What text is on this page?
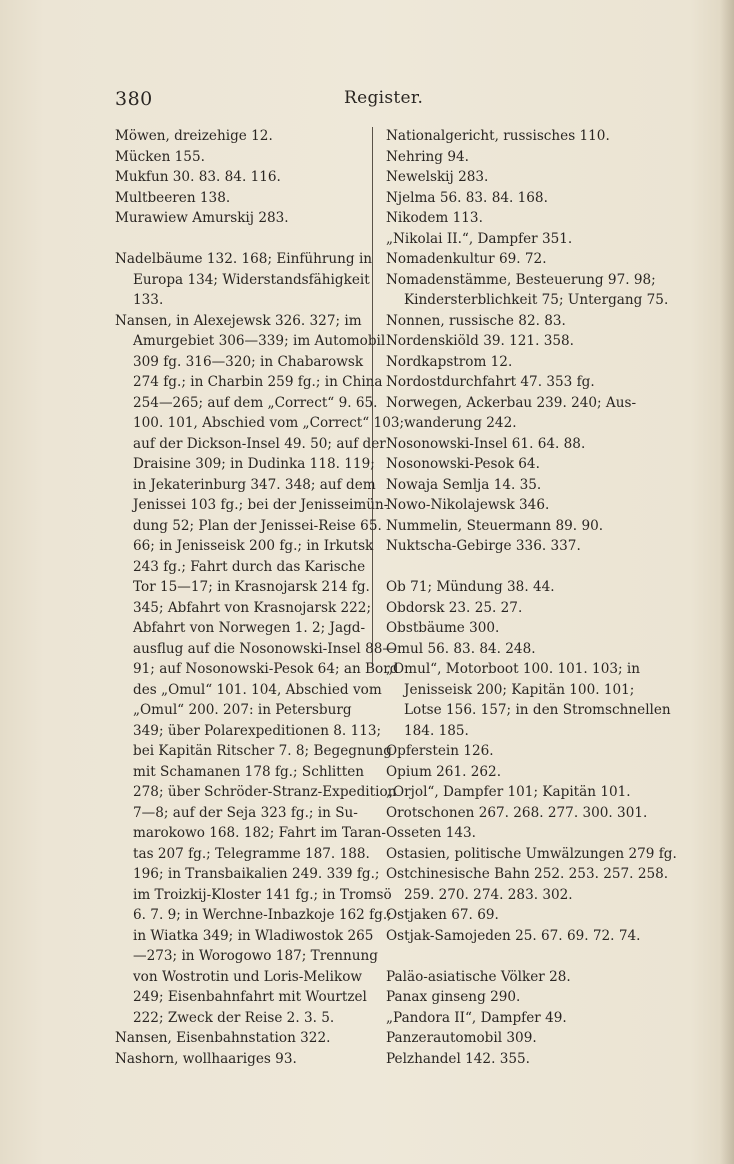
380	Register.
Möwen, dreizehige 12.
Mücken 155.
Mukfun 30. 83. 84. 116.
Multbeeren 138.
Murawiew Amurskij 283.
Nadelbäume 132. 168; Einführung in
Europa 134; Widerstandsfähigkeit
133.
Nansen, in Alexejewsk 326. 327; im
Amurgebiet 306—339; im Automobil
309 fg. 316—320; in Chabarowsk
274 fg.; in Charbin 259 fg.; in China
254—265; auf dem „Correct“ 9. 65.
100. 101, Abschied vom „Correct“ 103;
auf der Dickson-Insel 49. 50; auf der
Draisine 309; in Dudinka 118. 119;
in Jekaterinburg 347. 348; auf dem
Jenissei 103 fg.; bei der Jenisseimün-
dung 52; Plan der Jenissei-Reise 65.
66; in Jenisseisk 200 fg.; in Irkutsk
243 fg.; Fahrt durch das Karische
Tor 15—17; in Krasnojarsk 214 fg.
345; Abfahrt von Krasnojarsk 222;
Abfahrt von Norwegen 1. 2; Jagd-
ausflug auf die Nosonowski-Insel 88—
91; auf Nosonowski-Pesok 64; an Bord
des „Omul“ 101. 104, Abschied vom
„Omul“ 200. 207: in Petersburg
349; über Polarexpeditionen 8. 113;
bei Kapitän Ritscher 7. 8; Begegnung
mit Schamanen 178 fg.; Schlitten
278; über Schröder-Stranz-Expedition
7—8; auf der Seja 323 fg.; in Su-
marokowo 168. 182; Fahrt im Taran-
tas 207 fg.; Telegramme 187. 188.
196; in Transbaikalien 249. 339 fg.;
im Troizkij-Kloster 141 fg.; in Tromsö
6. 7. 9; in Werchne-Inbazkoje 162 fg.;
in Wiatka 349; in Wladiwostok 265
—273; in Worogowo 187; Trennung
von Wostrotin und Loris-Melikow
249; Eisenbahnfahrt mit Wourtzel
222; Zweck der Reise 2. 3. 5.
Nansen, Eisenbahnstation 322.
Nashorn, wollhaariges 93.
Nationalgericht, russisches 110.
Nehring 94.
Newelskij 283.
Njelma 56. 83. 84. 168.
Nikodem 113.
„Nikolai II.“, Dampfer 351.
Nomadenkultur 69. 72.
Nomadenstämme, Besteuerung 97. 98;
Kindersterblichkeit 75; Untergang 75.
Nonnen, russische 82. 83.
Nordenskiöld 39. 121. 358.
Nordkapstrom 12.
Nordostdurchfahrt 47. 353 fg.
Norwegen, Ackerbau 239. 240; Aus-
wanderung 242.
Nosonowski-Insel 61. 64. 88.
Nosonowski-Pesok 64.
Nowaja Semlja 14. 35.
Nowo-Nikolajewsk 346.
Nummelin, Steuermann 89. 90.
Nuktscha-Gebirge 336. 337.
Ob 71; Mündung 38. 44.
Obdorsk 23. 25. 27.
Obstbäume 300.
Omul 56. 83. 84. 248.
„Omul“, Motorboot 100. 101. 103; in
Jenisseisk 200; Kapitän 100. 101;
Lotse 156. 157; in den Stromschnellen
184. 185.
Opferstein 126.
Opium 261. 262.
„Orjol“, Dampfer 101; Kapitän 101.
Orotschonen 267. 268. 277. 300. 301.
Osseten 143.
Ostasien, politische Umwälzungen 279 fg.
Ostchinesische Bahn 252. 253. 257. 258.
259. 270. 274. 283. 302.
Ostjaken 67. 69.
Ostjak-Samojeden 25. 67. 69. 72. 74.
Paläo-asiatische Völker 28.
Panax ginseng 290.
„Pandora II“, Dampfer 49.
Panzerautomobil 309.
Pelzhandel 142. 355.
